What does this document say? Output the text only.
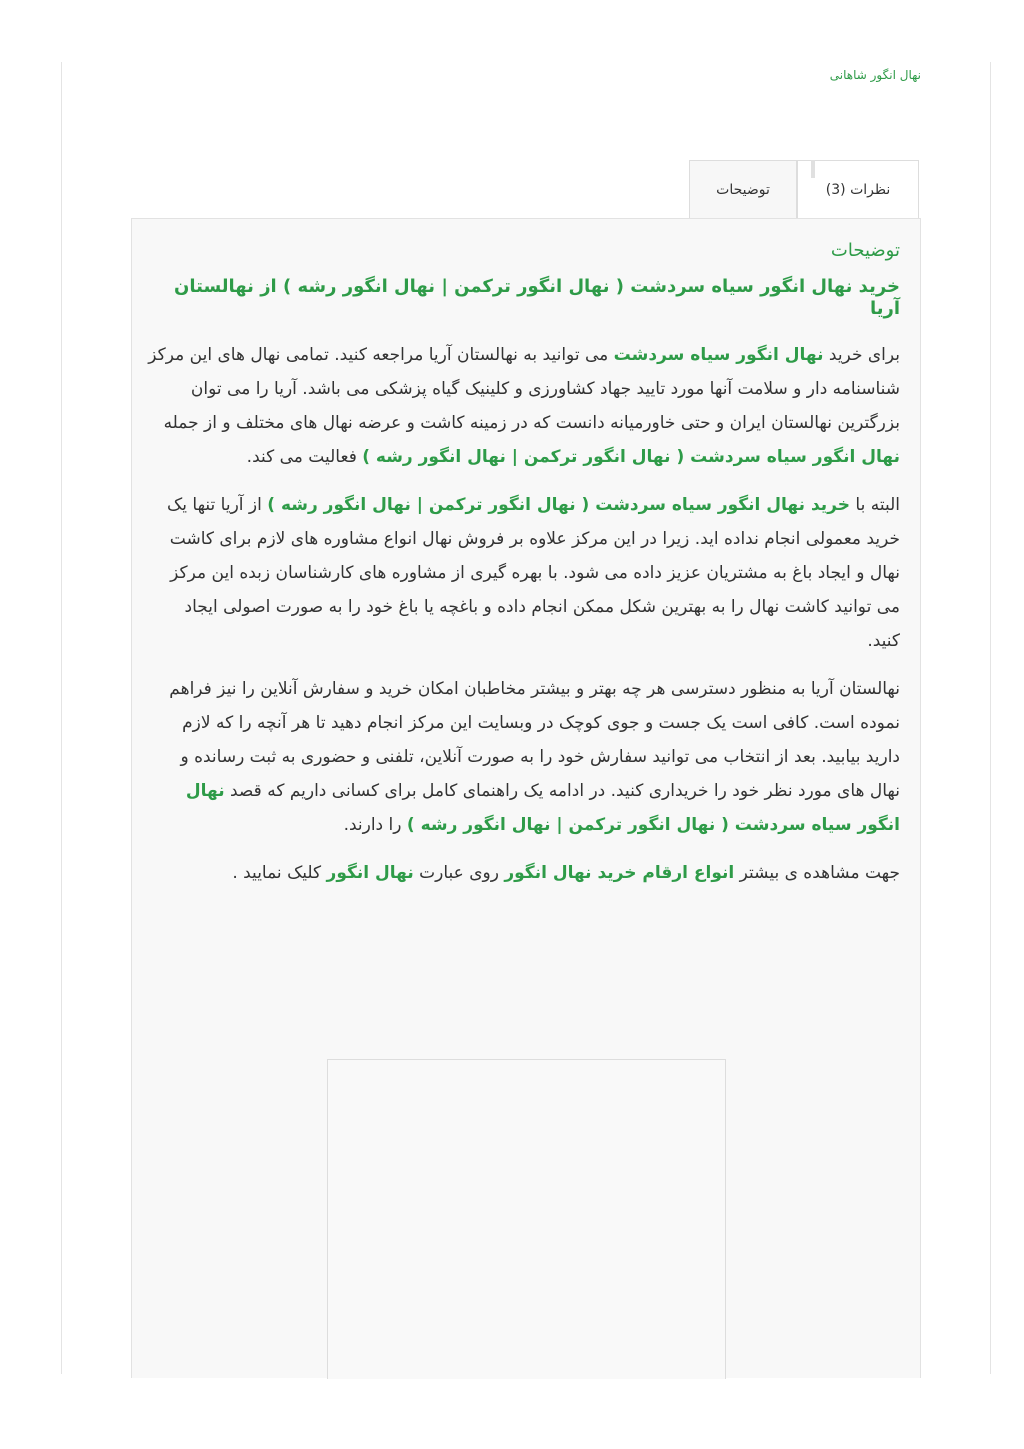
نهال انگور شاهانی
توضیحات	نظرات (3)
توضیحات
خرید نهال انگور سیاه سردشت ( نهال انگور ترکمن | نهال انگور رشه ) از نهالستان آریا

برای خرید نهال انگور سیاه سردشت می توانید به نهالستان آریا مراجعه کنید. تمامی نهال های این مرکز شناسنامه دار و سلامت آنها مورد تایید جهاد کشاورزی و کلینیک گیاه پزشکی می باشد. آریا را می توان بزرگترین نهالستان ایران و حتی خاورمیانه دانست که در زمینه کاشت و عرضه نهال های مختلف و از جمله نهال انگور سیاه سردشت ( نهال انگور ترکمن | نهال انگور رشه ) فعالیت می کند.

البته با خرید نهال انگور سیاه سردشت ( نهال انگور ترکمن | نهال انگور رشه ) از آریا تنها یک خرید معمولی انجام نداده اید. زیرا در این مرکز علاوه بر فروش نهال انواع مشاوره های لازم برای کاشت نهال و ایجاد باغ به مشتریان عزیز داده می شود. با بهره گیری از مشاوره های کارشناسان زبده این مرکز می توانید کاشت نهال را به بهترین شکل ممکن انجام داده و باغچه یا باغ خود را به صورت اصولی ایجاد کنید.

نهالستان آریا به منظور دسترسی هر چه بهتر و بیشتر مخاطبان امکان خرید و سفارش آنلاین را نیز فراهم نموده است. کافی است یک جست و جوی کوچک در وبسایت این مرکز انجام دهید تا هر آنچه را که لازم دارید بیابید. بعد از انتخاب می توانید سفارش خود را به صورت آنلاین، تلفنی و حضوری به ثبت رسانده و نهال های مورد نظر خود را خریداری کنید. در ادامه یک راهنمای کامل برای کسانی داریم که قصد نهال انگور سیاه سردشت ( نهال انگور ترکمن | نهال انگور رشه ) را دارند.

جهت مشاهده ی بیشتر انواع ارقام خرید نهال انگور روی عبارت نهال انگور کلیک نمایید .
